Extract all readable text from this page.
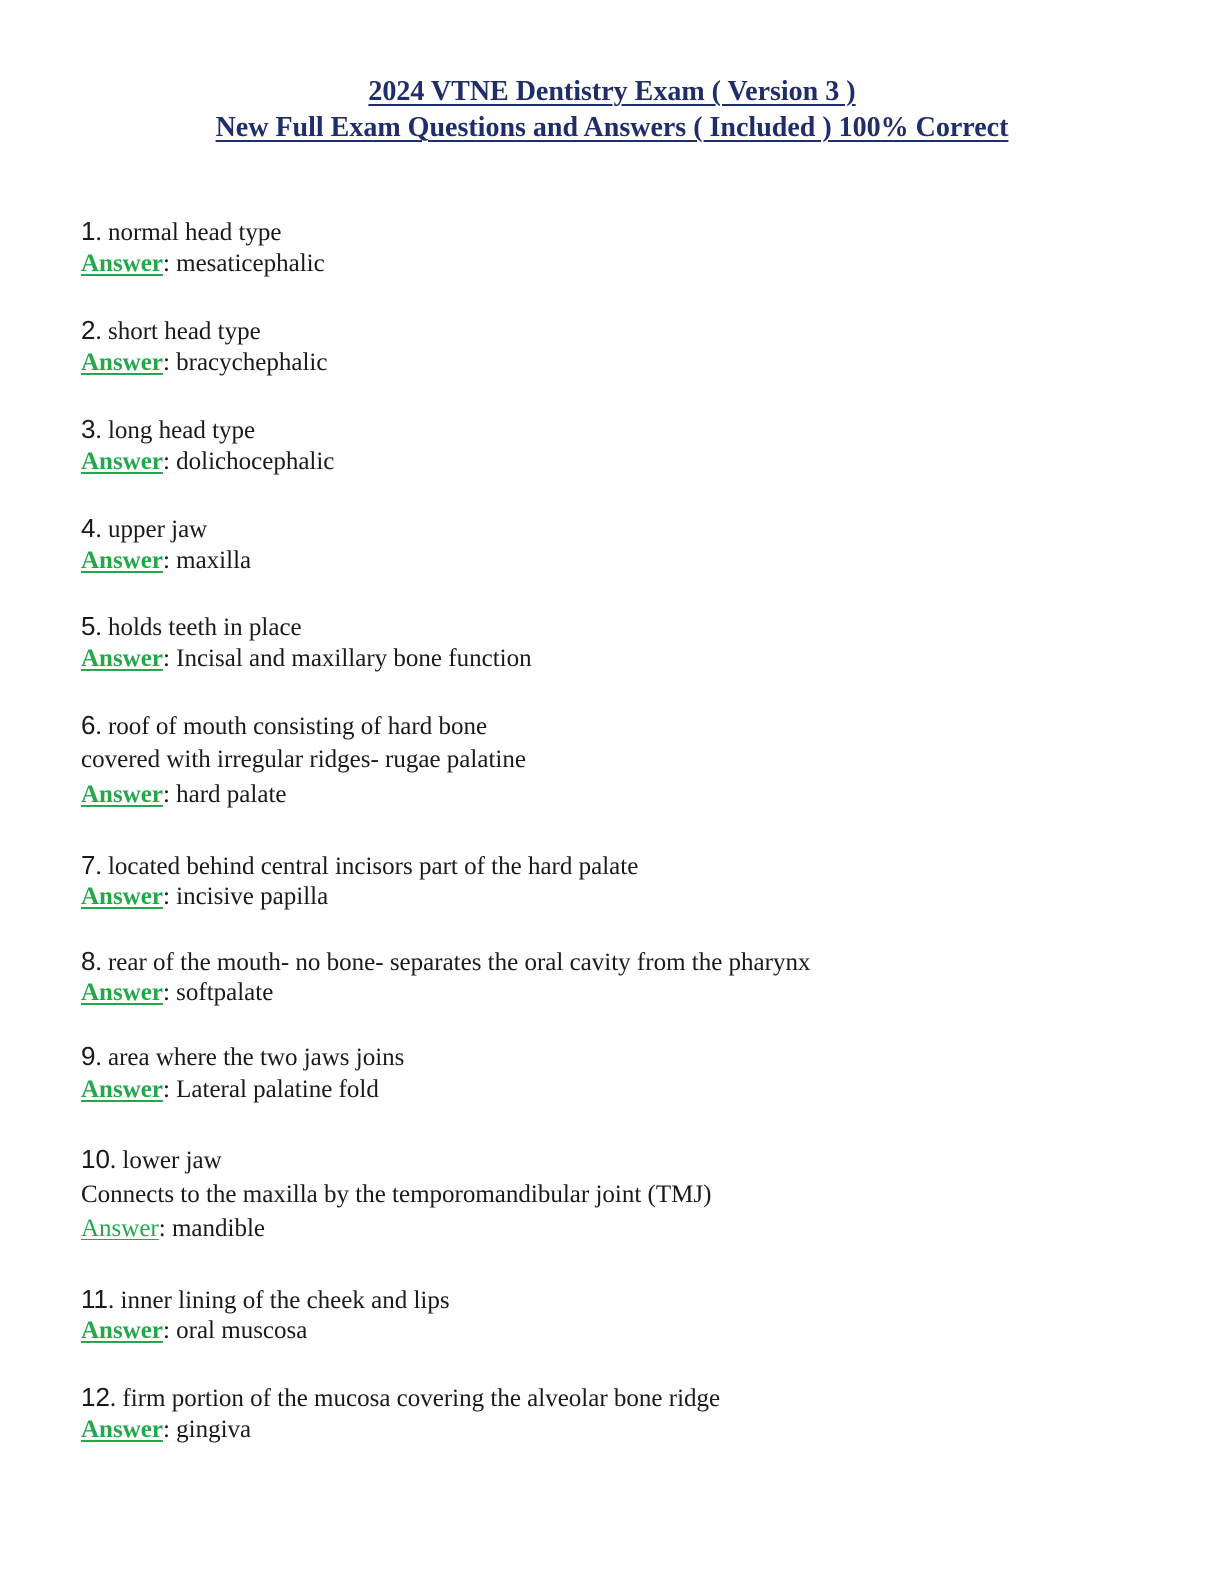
2024 VTNE Dentistry Exam ( Version 3 )
New Full Exam Questions and Answers ( Included ) 100% Correct
1. normal head type
Answer: mesaticephalic
2. short head type
Answer: bracychephalic
3. long head type
Answer: dolichocephalic
4. upper jaw
Answer: maxilla
5. holds teeth in place
Answer: Incisal and maxillary bone function
6. roof of mouth consisting of hard bone
covered with irregular ridges- rugae palatine
Answer: hard palate
7. located behind central incisors part of the hard palate
Answer: incisive papilla
8. rear of the mouth- no bone- separates the oral cavity from the pharynx
Answer: softpalate
9. area where the two jaws joins
Answer: Lateral palatine fold
10. lower jaw
Connects to the maxilla by the temporomandibular joint (TMJ)
Answer: mandible
11. inner lining of the cheek and lips
Answer: oral muscosa
12. firm portion of the mucosa covering the alveolar bone ridge
Answer: gingiva
